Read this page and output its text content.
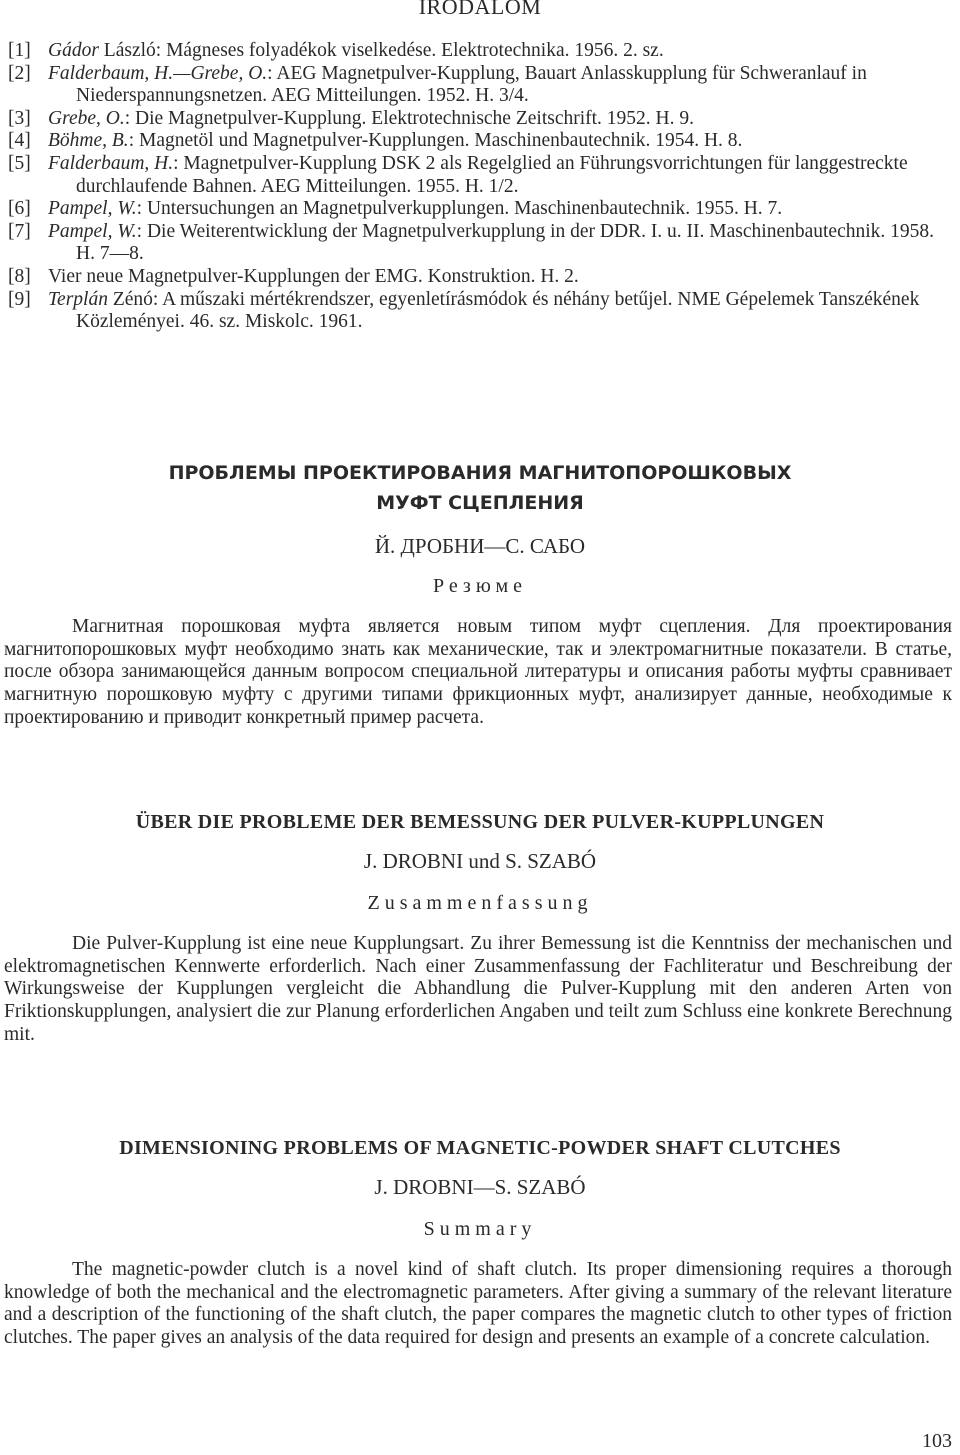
IRODALOM
[1] Gádor László: Mágneses folyadékok viselkedése. Elektrotechnika. 1956. 2. sz.
[2] Falderbaum, H.—Grebe, O.: AEG Magnetpulver-Kupplung, Bauart Anlasskupplung für Schweranlauf in Niederspannungsnetzen. AEG Mitteilungen. 1952. H. 3/4.
[3] Grebe, O.: Die Magnetpulver-Kupplung. Elektrotechnische Zeitschrift. 1952. H. 9.
[4] Böhme, B.: Magnetöl und Magnetpulver-Kupplungen. Maschinenbautechnik. 1954. H. 8.
[5] Falderbaum, H.: Magnetpulver-Kupplung DSK 2 als Regelglied an Führungsvorrichtungen für langgestreckte durchlaufende Bahnen. AEG Mitteilungen. 1955. H. 1/2.
[6] Pampel, W.: Untersuchungen an Magnetpulverkupplungen. Maschinenbautechnik. 1955. H. 7.
[7] Pampel, W.: Die Weiterentwicklung der Magnetpulverkupplung in der DDR. I. u. II. Maschinenbautechnik. 1958. H. 7—8.
[8] Vier neue Magnetpulver-Kupplungen der EMG. Konstruktion. H. 2.
[9] Terplán Zénó: A műszaki mértékrendszer, egyenletírásmódok és néhány betűjel. NME Gépelemek Tanszékének Közleményei. 46. sz. Miskolc. 1961.
ПРОБЛЕМЫ ПРОЕКТИРОВАНИЯ МАГНИТОПОРОШКОВЫХ МУФТ СЦЕПЛЕНИЯ

Й. ДРОБНИ—С. САБО

Резюме

Магнитная порошковая муфта является новым типом муфт сцепления. Для проектирования магнитопорошковых муфт необходимо знать как механические, так и электромагнитные показатели. В статье, после обзора занимающейся данным вопросом специальной литературы и описания работы муфты сравнивает магнитную порошковую муфту с другими типами фрикционных муфт, анализирует данные, необходимые к проектированию и приводит конкретный пример расчета.

ÜBER DIE PROBLEME DER BEMESSUNG DER PULVER-KUPPLUNGEN

J. DROBNI und S. SZABÓ

Zusammenfassung

Die Pulver-Kupplung ist eine neue Kupplungsart. Zu ihrer Bemessung ist die Kenntniss der mechanischen und elektromagnetischen Kennwerte erforderlich. Nach einer Zusammenfassung der Fachliteratur und Beschreibung der Wirkungsweise der Kupplungen vergleicht die Abhandlung die Pulver-Kupplung mit den anderen Arten von Friktionskupplungen, analysiert die zur Planung erforderlichen Angaben und teilt zum Schluss eine konkrete Berechnung mit.

DIMENSIONING PROBLEMS OF MAGNETIC-POWDER SHAFT CLUTCHES

J. DROBNI—S. SZABÓ

Summary

The magnetic-powder clutch is a novel kind of shaft clutch. Its proper dimensioning requires a thorough knowledge of both the mechanical and the electromagnetic parameters. After giving a summary of the relevant literature and a description of the functioning of the shaft clutch, the paper compares the magnetic clutch to other types of friction clutches. The paper gives an analysis of the data required for design and presents an example of a concrete calculation.

103
